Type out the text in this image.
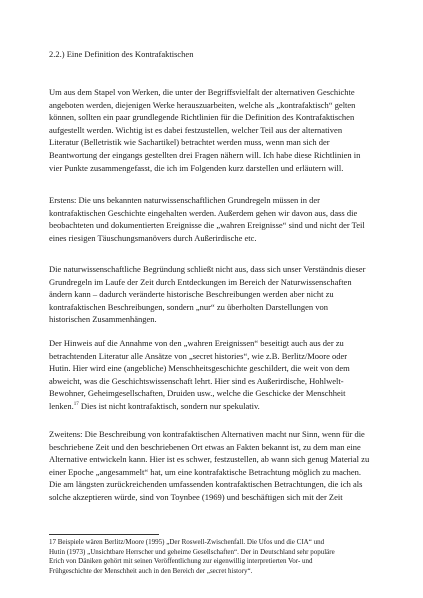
2.2.) Eine Definition des Kontrafaktischen
Um aus dem Stapel von Werken, die unter der Begriffsvielfalt der alternativen Geschichte
angeboten werden, diejenigen Werke herauszuarbeiten, welche als „kontrafaktisch“ gelten
können, sollten ein paar grundlegende Richtlinien für die Definition des Kontrafaktischen
aufgestellt werden. Wichtig ist es dabei festzustellen, welcher Teil aus der alternativen
Literatur (Belletristik wie Sachartikel) betrachtet werden muss, wenn man sich der
Beantwortung der eingangs gestellten drei Fragen nähern will. Ich habe diese Richtlinien in
vier Punkte zusammengefasst, die ich im Folgenden kurz darstellen und erläutern will.
Erstens: Die uns bekannten naturwissenschaftlichen Grundregeln müssen in der
kontrafaktischen Geschichte eingehalten werden. Außerdem gehen wir davon aus, dass die
beobachteten und dokumentierten Ereignisse die „wahren Ereignisse“ sind und nicht der Teil
eines riesigen Täuschungsmanövers durch Außerirdische etc.
Die naturwissenschaftliche Begründung schließt nicht aus, dass sich unser Verständnis dieser
Grundregeln im Laufe der Zeit durch Entdeckungen im Bereich der Naturwissenschaften
ändern kann – dadurch veränderte historische Beschreibungen werden aber nicht zu
kontrafaktischen Beschreibungen, sondern „nur“ zu überholten Darstellungen von
historischen Zusammenhängen.
Der Hinweis auf die Annahme von den „wahren Ereignissen“ beseitigt auch aus der zu
betrachtenden Literatur alle Ansätze von „secret histories“, wie z.B. Berlitz/Moore oder
Hutin. Hier wird eine (angebliche) Menschheitsgeschichte geschildert, die weit von dem
abweicht, was die Geschichtswissenschaft lehrt. Hier sind es Außerirdische, Hohlwelt-
Bewohner, Geheimgesellschaften, Druiden usw., welche die Geschicke der Menschheit
lenken.$^{17}$ Dies ist nicht kontrafaktisch, sondern nur spekulativ.
Zweitens: Die Beschreibung von kontrafaktischen Alternativen macht nur Sinn, wenn für die
beschriebene Zeit und den beschriebenen Ort etwas an Fakten bekannt ist, zu dem man eine
Alternative entwickeln kann. Hier ist es schwer, festzustellen, ab wann sich genug Material zu
einer Epoche „angesammelt“ hat, um eine kontrafaktische Betrachtung möglich zu machen.
Die am längsten zurückreichenden umfassenden kontrafaktischen Betrachtungen, die ich als
solche akzeptieren würde, sind von Toynbee (1969) und beschäftigen sich mit der Zeit
17 Beispiele wären Berlitz/Moore (1995) „Der Roswell-Zwischenfall. Die Ufos und die CIA“ und
Hutin (1973) „Unsichtbare Herrscher und geheime Gesellschaften“. Der in Deutschland sehr populäre
Erich von Däniken gehört mit seinen Veröffentlichung zur eigenwillig interpretierten Vor- und
Frühgeschichte der Menschheit auch in den Bereich der „secret history“.
